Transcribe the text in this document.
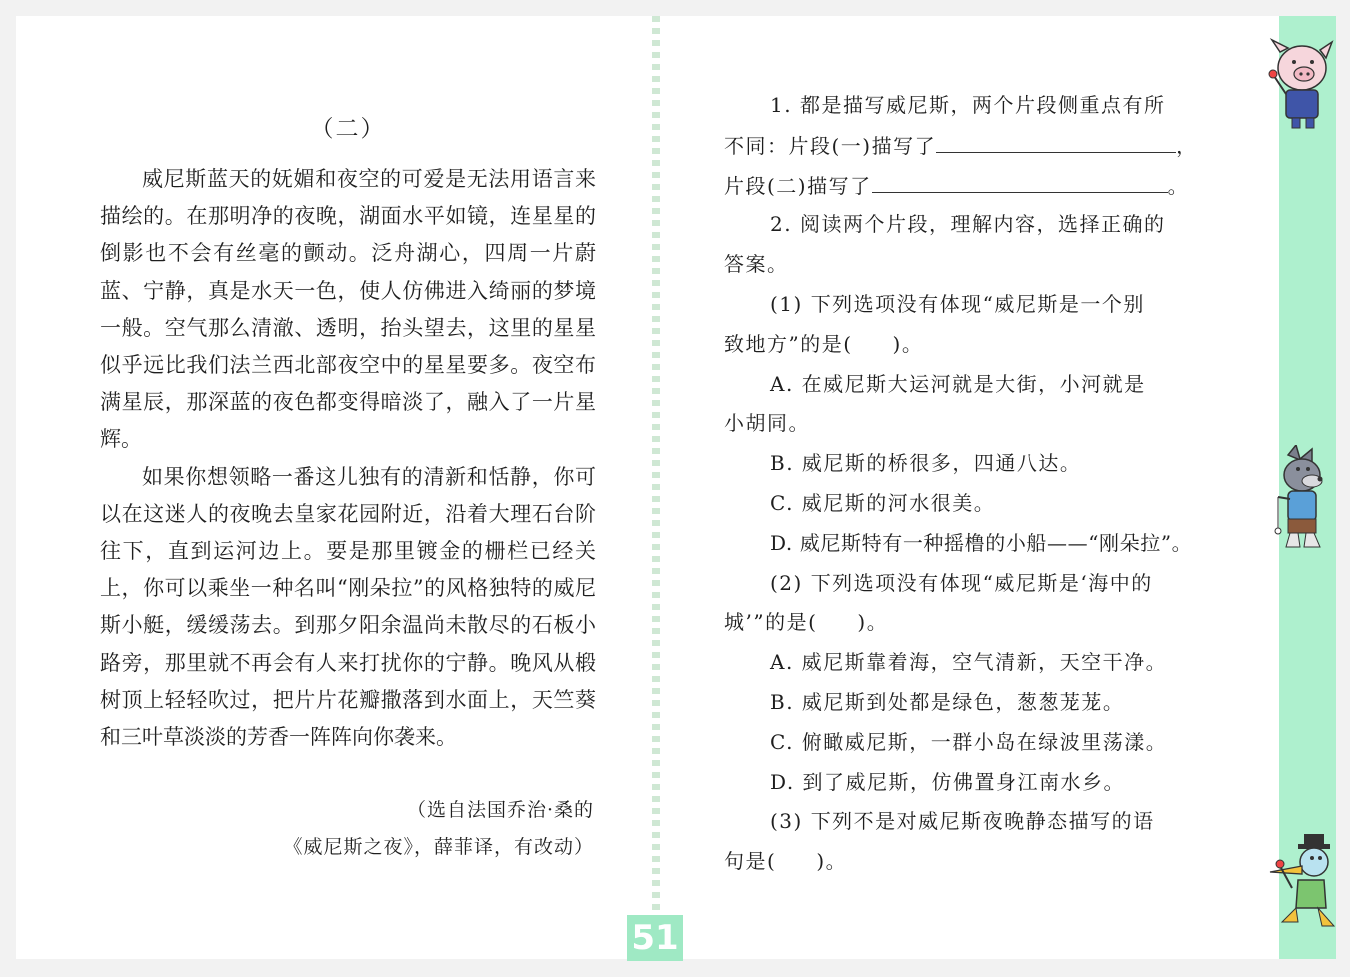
（二）

威尼斯蓝天的妩媚和夜空的可爱是无法用语言来描绘的。在那明净的夜晚，湖面水平如镜，连星星的倒影也不会有丝毫的颤动。泛舟湖心，四周一片蔚蓝、宁静，真是水天一色，使人仿佛进入绮丽的梦境一般。空气那么清澈、透明，抬头望去，这里的星星似乎远比我们法兰西北部夜空中的星星要多。夜空布满星辰，那深蓝的夜色都变得暗淡了，融入了一片星辉。

如果你想领略一番这儿独有的清新和恬静，你可以在这迷人的夜晚去皇家花园附近，沿着大理石台阶往下，直到运河边上。要是那里镀金的栅栏已经关上，你可以乘坐一种名叫“刚朵拉”的风格独特的威尼斯小艇，缓缓荡去。到那夕阳余温尚未散尽的石板小路旁，那里就不再会有人来打扰你的宁静。晚风从椴树顶上轻轻吹过，把片片花瓣撒落到水面上，天竺葵和三叶草淡淡的芳香一阵阵向你袭来。

（选自法国乔治·桑的
《威尼斯之夜》，薛菲译，有改动）
1. 都是描写威尼斯，两个片段侧重点有所
不同：片段(一)描写了	，
片段(二)描写了	。
2. 阅读两个片段，理解内容，选择正确的
答案。
(1) 下列选项没有体现“威尼斯是一个别
致地方”的是( )。
A. 在威尼斯大运河就是大街，小河就是
小胡同。
B. 威尼斯的桥很多，四通八达。
C. 威尼斯的河水很美。
D. 威尼斯特有一种摇橹的小船——“刚朵拉”。
(2) 下列选项没有体现“威尼斯是‘海中的
城’”的是( )。
A. 威尼斯靠着海，空气清新，天空干净。
B. 威尼斯到处都是绿色，葱葱茏茏。
C. 俯瞰威尼斯，一群小岛在绿波里荡漾。
D. 到了威尼斯，仿佛置身江南水乡。
(3) 下列不是对威尼斯夜晚静态描写的语
句是( )。
51
